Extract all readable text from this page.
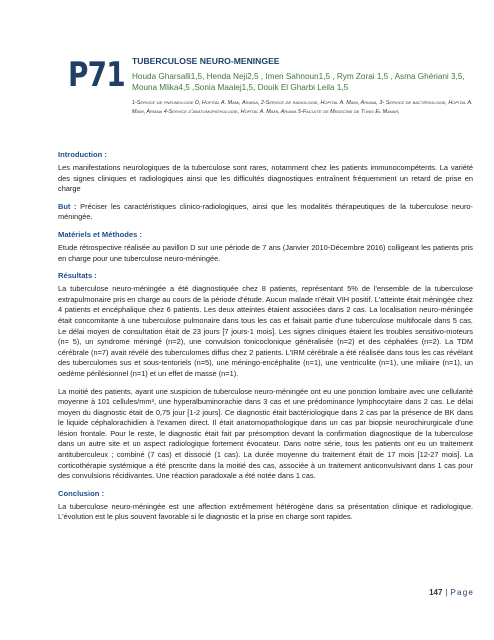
P71 TUBERCULOSE NEURO-MENINGEE

Houda Gharsalli1,5, Henda Neji2,5 , Imen Sahnoun1,5 , Rym Zorai 1,5 , Asma Ghériani 3,5, Mouna Mlika4,5 ,Sonia Maalej1,5, Douik El Gharbi Leila 1,5

1-Service de pneumologie D, Hopital A. Mami, Ariana, 2-Service de radiologie, Hopital A. Mami, Ariana, 3- Service de bactériologie, Hopital A. Mami, Ariana 4-Service d'anatomopathologie, Hopital A. Mami, Ariana 5-Faculte de Medecine de Tunis El Manar,

Introduction :

Les manifestations neurologiques de la tuberculose sont rares, notamment chez les patients immunocompétents. La variété des signes cliniques et radiologiques ainsi que les difficultés diagnostiques entraînent fréquemment un retard de prise en charge

But : Préciser les caractéristiques clinico-radiologiques, ainsi que les modalités thérapeutiques de la tuberculose neuro-méningée.

Matériels et Méthodes :

Etude rétrospective réalisée au pavillon D sur une période de 7 ans (Janvier 2010-Décembre 2016) colligeant les patients pris en charge pour une tuberculose neuro-méningée.

Résultats :

La tuberculose neuro-méningée a été diagnostiquée chez 8 patients, représentant 5% de l'ensemble de la tuberculose extrapulmonaire pris en charge au cours de la période d'étude. Aucun malade n'était VIH positif. L'atteinte était méningée chez 4 patients et encéphalique chez 6 patients. Les deux atteintes étaient associées dans 2 cas. La localisation neuro-méningée était concomitante à une tuberculose pulmonaire dans tous les cas et faisait partie d'une tuberculose multifocale dans 5 cas. Le délai moyen de consultation était de 23 jours [7 jours-1 mois]. Les signes cliniques étaient les troubles sensitivo-moteurs (n= 5), un syndrome méningé (n=2), une convulsion tonicoclonique généralisée (n=2) et des céphalées (n=2). La TDM cérébrale (n=7) avait révélé des tuberculomes diffus chez 2 patients. L'IRM cérébrale a été réalisée dans tous les cas révélant des tuberculomes sus et sous-tentoriels (n=5), une méningo-encéphalite (n=1), une ventriculite (n=1), une miliaire (n=1), un oedème périlésionnel (n=1) et un effet de masse (n=1).

La moitié des patients, ayant une suspicion de tuberculose neuro-méningée ont eu une ponction lombaire avec une cellularité moyenne à 101 cellules/mm³, une hyperalbuminorachie dans 3 cas et une prédominance lymphocytaire dans 2 cas. Le délai moyen du diagnostic était de 0,75 jour [1-2 jours]. Ce diagnostic était bactériologique dans 2 cas par la présence de BK dans le liquide céphalorachidien à l'examen direct. Il était anatomopathologique dans un cas par biopsie neurochirurgicale d'une lésion frontale. Pour le reste, le diagnostic était fait par présomption devant la confirmation diagnostique de la tuberculose dans un autre site et un aspect radiologique fortement évocateur. Dans notre série, tous les patients ont eu un traitement antituberculeux ; combiné (7 cas) et dissocié (1 cas). La durée moyenne du traitement était de 17 mois [12-27 mois]. La corticothérapie systémique a été prescrite dans la moitié des cas, associée à un traitement anticonvulsivant dans 1 cas pour des convulsions récidivantes. Une réaction paradoxale a été notée dans 1 cas.

Conclusion :

La tuberculose neuro-méningée est une affection extrêmement hétérogène dans sa présentation clinique et radiologique. L'évolution est le plus souvent favorable si le diagnostic et la prise en charge sont rapides.

147 | Page
